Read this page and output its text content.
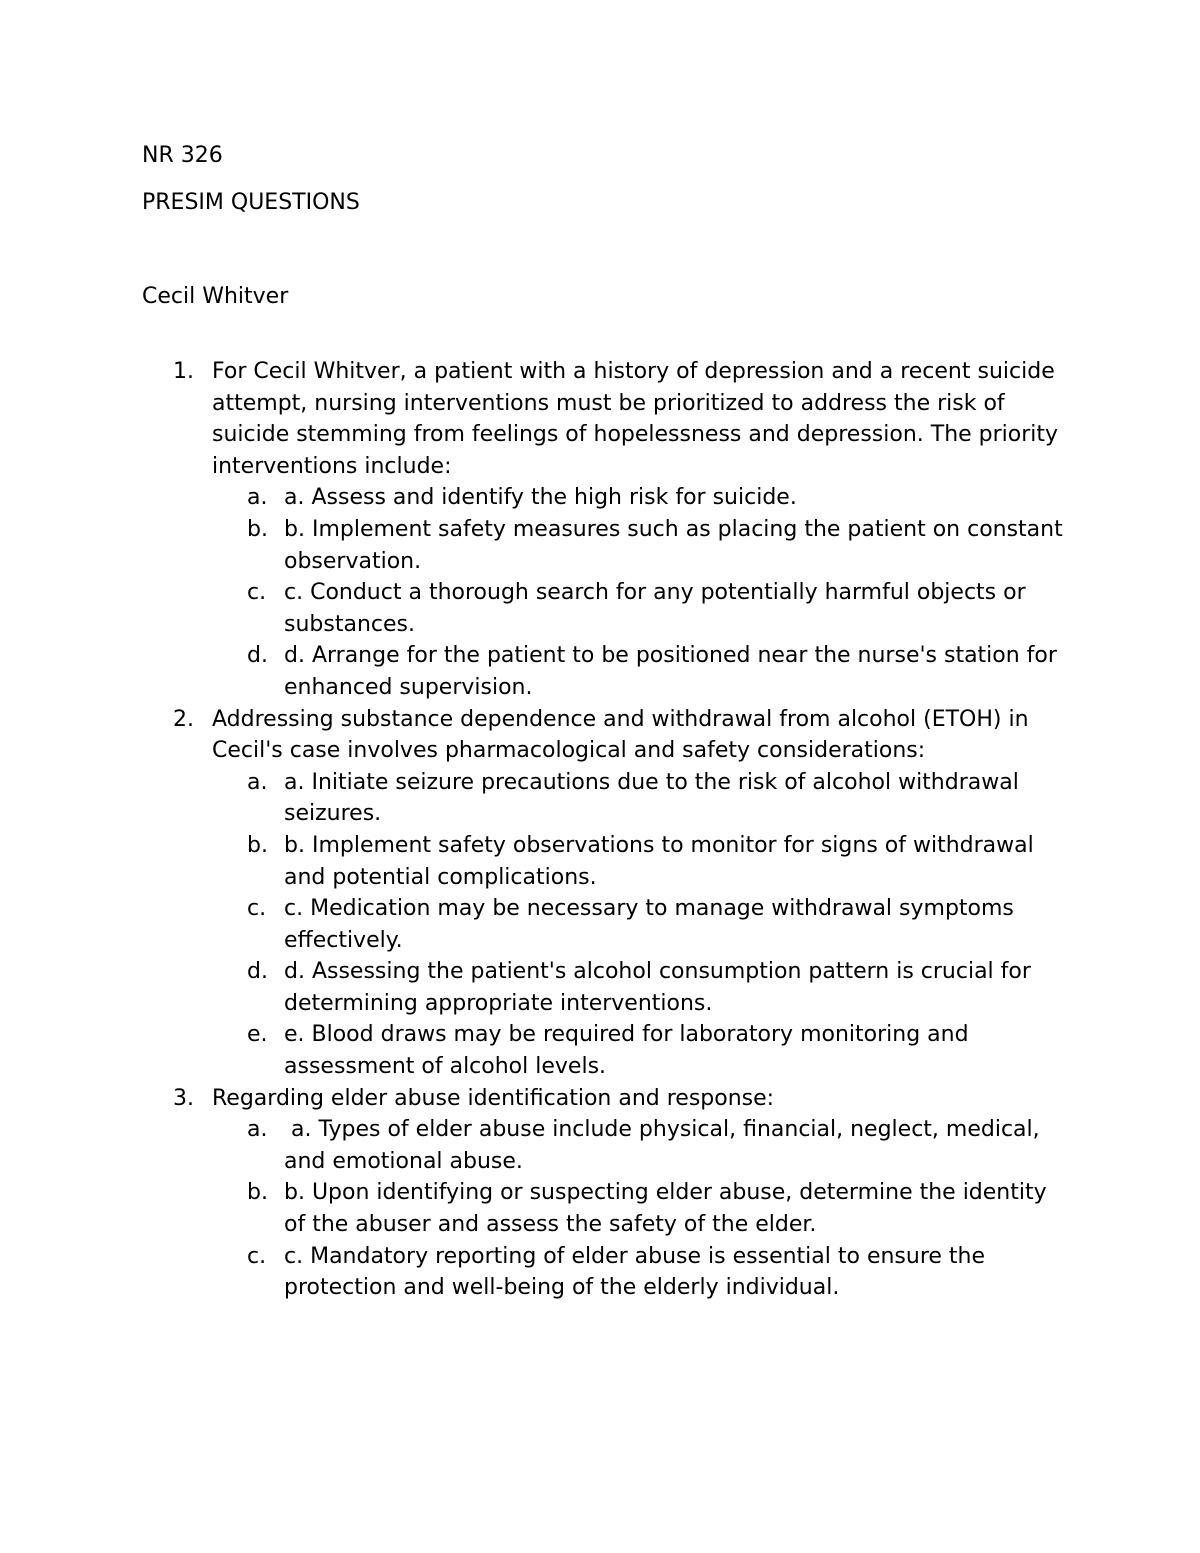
NR 326

PRESIM QUESTIONS

Cecil Whitver

1. For Cecil Whitver, a patient with a history of depression and a recent suicide attempt, nursing interventions must be prioritized to address the risk of suicide stemming from feelings of hopelessness and depression. The priority interventions include:

a. a. Assess and identify the high risk for suicide.

b. b. Implement safety measures such as placing the patient on constant observation.

c. c. Conduct a thorough search for any potentially harmful objects or substances.

d. d. Arrange for the patient to be positioned near the nurse's station for enhanced supervision.

2. Addressing substance dependence and withdrawal from alcohol (ETOH) in Cecil's case involves pharmacological and safety considerations:

a. a. Initiate seizure precautions due to the risk of alcohol withdrawal seizures.

b. b. Implement safety observations to monitor for signs of withdrawal and potential complications.

c. c. Medication may be necessary to manage withdrawal symptoms effectively.

d. d. Assessing the patient's alcohol consumption pattern is crucial for determining appropriate interventions.

e. e. Blood draws may be required for laboratory monitoring and assessment of alcohol levels.

3. Regarding elder abuse identification and response:

a. a. Types of elder abuse include physical, financial, neglect, medical, and emotional abuse.

b. b. Upon identifying or suspecting elder abuse, determine the identity of the abuser and assess the safety of the elder.

c. c. Mandatory reporting of elder abuse is essential to ensure the protection and well-being of the elderly individual.
